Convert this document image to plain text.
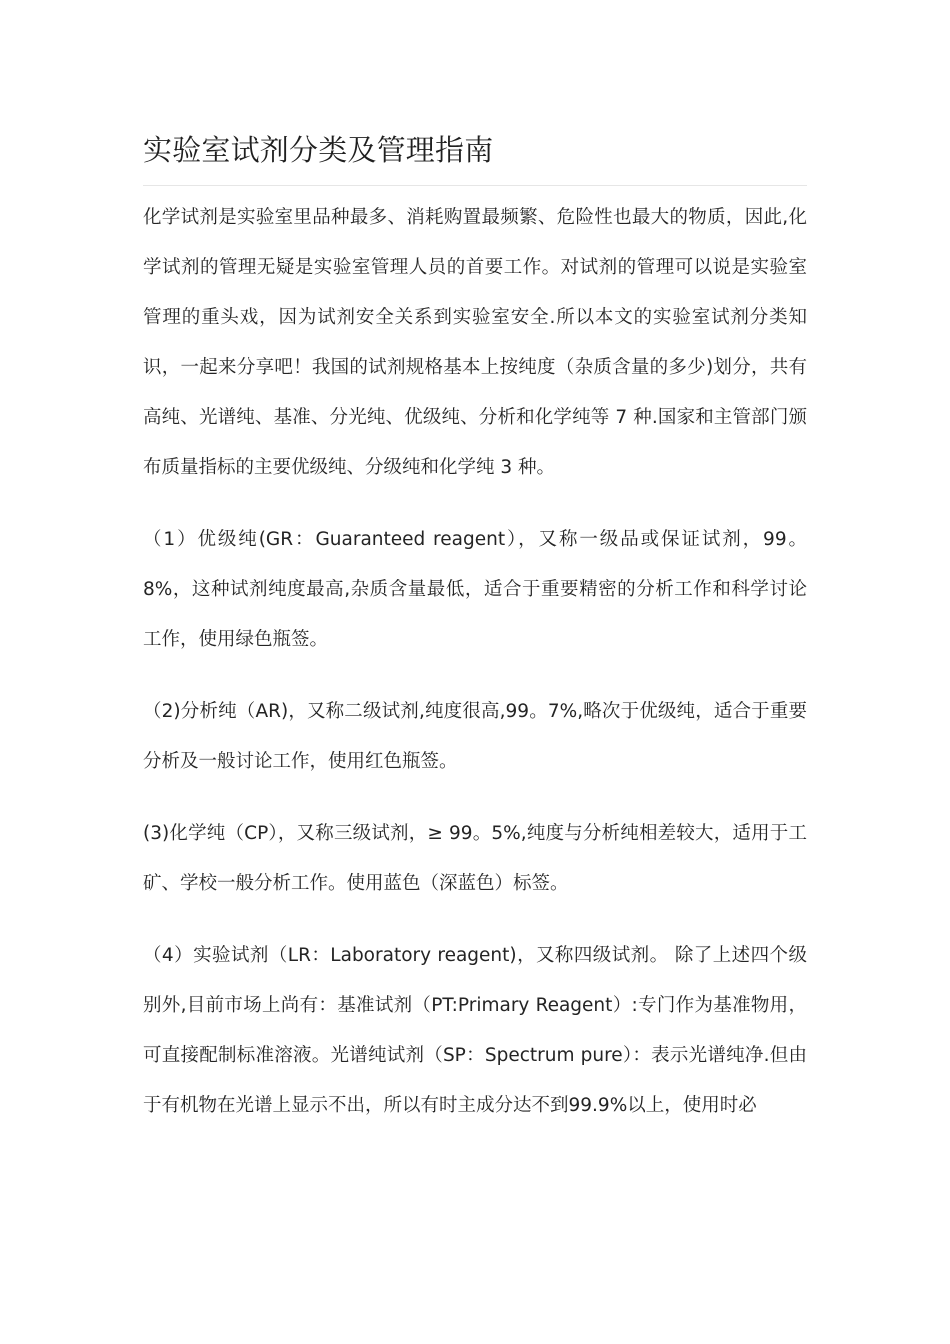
实验室试剂分类及管理指南

化学试剂是实验室里品种最多、消耗购置最频繁、危险性也最大的物质，因此,化学试剂的管理无疑是实验室管理人员的首要工作。对试剂的管理可以说是实验室管理的重头戏，因为试剂安全关系到实验室安全.所以本文的实验室试剂分类知识，一起来分享吧！我国的试剂规格基本上按纯度（杂质含量的多少)划分，共有高纯、光谱纯、基准、分光纯、优级纯、分析和化学纯等 7 种.国家和主管部门颁布质量指标的主要优级纯、分级纯和化学纯 3 种。

（1）优级纯(GR：Guaranteed reagent），又称一级品或保证试剂，99。8%，这种试剂纯度最高,杂质含量最低，适合于重要精密的分析工作和科学讨论工作，使用绿色瓶签。

（2)分析纯（AR)，又称二级试剂,纯度很高,99。7%,略次于优级纯，适合于重要分析及一般讨论工作，使用红色瓶签。

(3)化学纯（CP），又称三级试剂，≥ 99。5%,纯度与分析纯相差较大，适用于工矿、学校一般分析工作。使用蓝色（深蓝色）标签。

（4）实验试剂（LR：Laboratory reagent)，又称四级试剂。 除了上述四个级别外,目前市场上尚有：基准试剂（PT:Primary Reagent）:专门作为基准物用，可直接配制标准溶液。光谱纯试剂（SP：Spectrum pure）：表示光谱纯净.但由于有机物在光谱上显示不出，所以有时主成分达不到99.9%以上，使用时必
